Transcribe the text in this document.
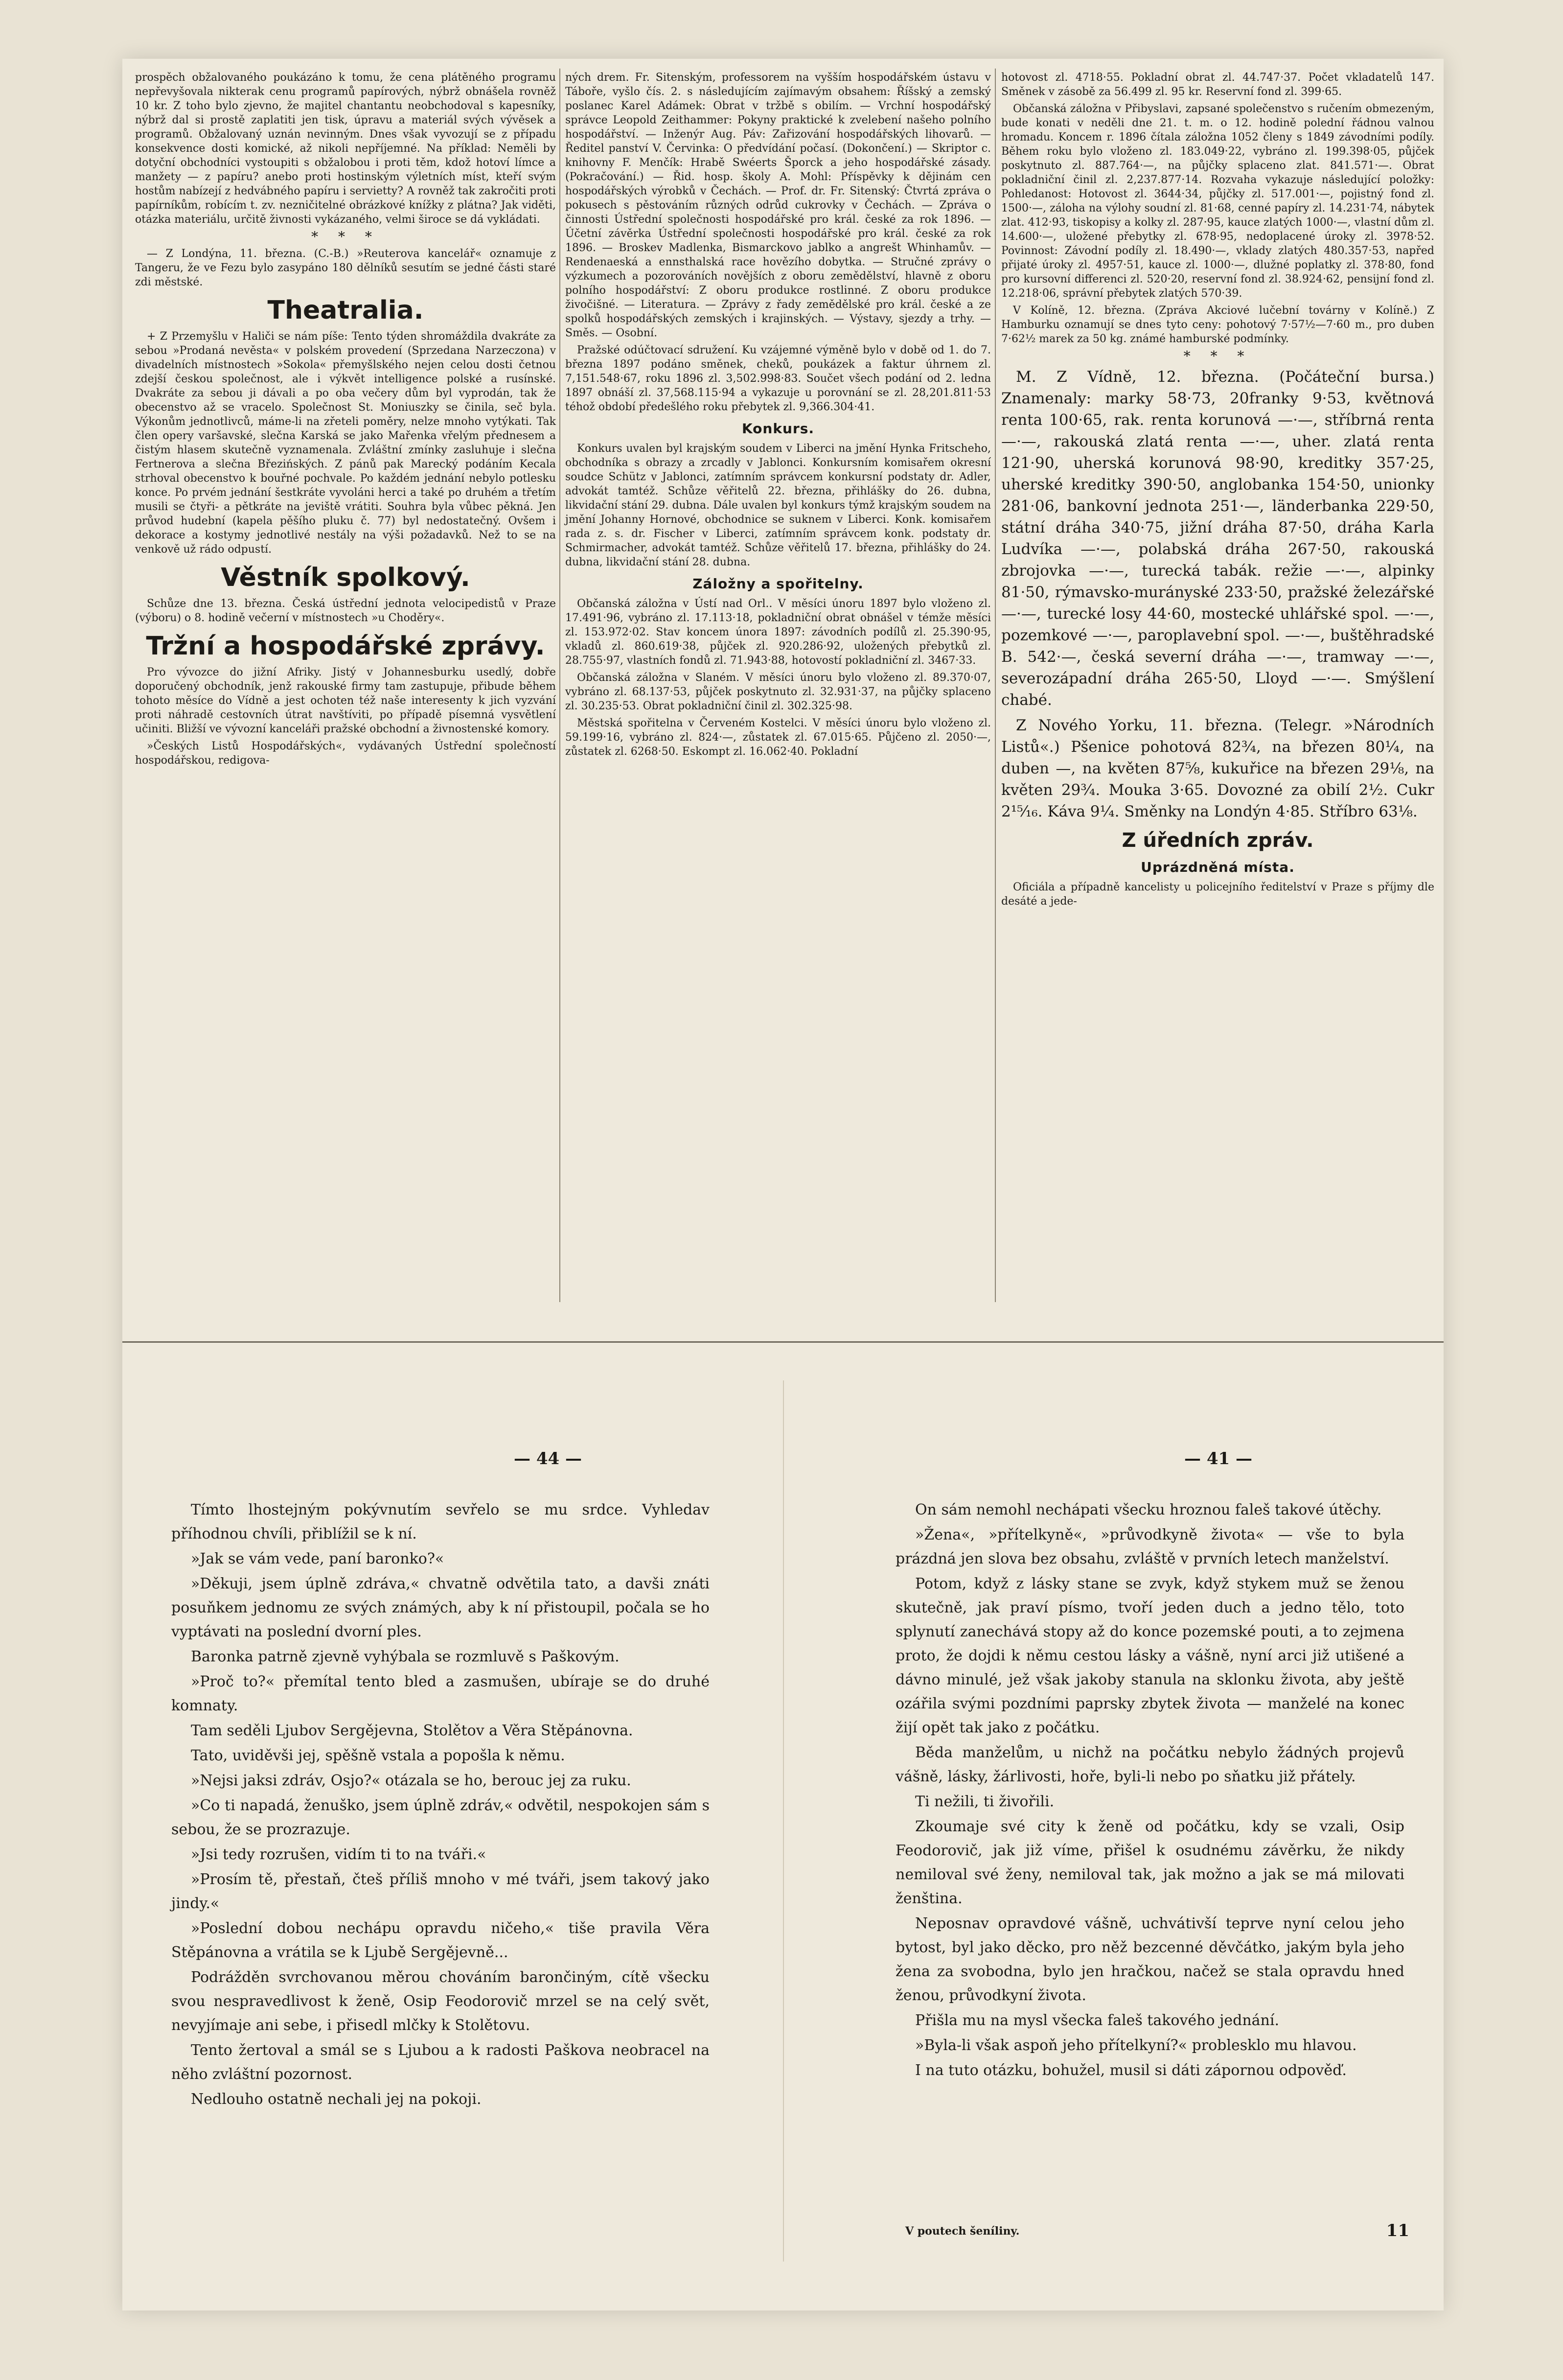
prospěch obžalovaného poukázáno k tomu, že cena plátěného programu nepřevyšovala nikterak cenu programů papírových, nýbrž obnášela rovněž 10 kr. Z toho bylo zjevno, že majitel chantantu neobchodoval s kapesníky, nýbrž dal si prostě zaplatiti jen tisk, úpravu a materiál svých vývěsek a programů. Obžalovaný uznán nevinným. Dnes však vyvozují se z případu konsekvence dosti komické, až nikoli nepříjemné. Na příklad: Neměli by dotyční obchodníci vystoupiti s obžalobou i proti těm, kdož hotoví límce a manžety — z papíru? anebo proti hostinským výletních míst, kteří svým hostům nabízejí z hedvábného papíru i servietty? A rovněž tak zakročiti proti papírníkům, robícím t. zv. nezničitelné obrázkové knížky z plátna? Jak viděti, otázka materiálu, určitě živnosti vykázaného, velmi široce se dá vykládati.

* * *

— Z Londýna, 11. března. (C.-B.) »Reuterova kancelář« oznamuje z Tangeru, že ve Fezu bylo zasypáno 180 dělníků sesutím se jedné části staré zdi městské.

Theatralia.

+ Z Przemyšlu v Haliči se nám píše: Tento týden shromáždila dvakráte za sebou »Prodaná nevěsta« v polském provedení (Sprzedana Narzeczona) v divadelních místnostech »Sokola« přemyšlského nejen celou dosti četnou zdejší českou společnost, ale i výkvět intelligence polské a rusínské. Dvakráte za sebou ji dávali a po oba večery dům byl vyprodán, tak že obecenstvo až se vracelo. Společnost St. Moniuszky se činila, seč byla. Výkonům jednotlivců, máme-li na zřeteli poměry, nelze mnoho vytýkati. Tak člen opery varšavské, slečna Karská se jako Mařenka vřelým přednesem a čistým hlasem skutečně vyznamenala. Zvláštní zmínky zasluhuje i slečna Fertnerova a slečna Březińských. Z pánů pak Marecký podáním Kecala strhoval obecenstvo k bouřné pochvale. Po každém jednání nebylo potlesku konce. Po prvém jednání šestkráte vyvoláni herci a také po druhém a třetím musili se čtyři- a pětkráte na jeviště vrátiti. Souhra byla vůbec pěkná. Jen průvod hudební (kapela pěšího pluku č. 77) byl nedostatečný. Ovšem i dekorace a kostymy jednotlivé nestály na výši požadavků. Než to se na venkově už rádo odpustí.

Věstník spolkový.

Schůze dne 13. března. Česká ústřední jednota velocipedistů v Praze (výboru) o 8. hodině večerní v místnostech »u Choděry«.

Tržní a hospodářské zprávy.

Pro vývozce do jižní Afriky. Jistý v Johannesburku usedlý, dobře doporučený obchodník, jenž rakouské firmy tam zastupuje, přibude během tohoto měsíce do Vídně a jest ochoten též naše interesenty k jich vyzvání proti náhradě cestovních útrat navštíviti, po případě písemná vysvětlení učiniti. Bližší ve vývozní kanceláři pražské obchodní a živnostenské komory.

»Českých Listů Hospodářských«, vydávaných Ústřední společností hospodářskou, redigova-

ných drem. Fr. Sitenským, professorem na vyšším hospodářském ústavu v Táboře, vyšlo čís. 2. s následujícím zajímavým obsahem: Říšský a zemský poslanec Karel Adámek: Obrat v tržbě s obilím. — Vrchní hospodářský správce Leopold Zeithammer: Pokyny praktické k zvelebení našeho polního hospodářství. — Inženýr Aug. Páv: Zařizování hospodářských lihovarů. — Ředitel panství V. Červinka: O předvídání počasí. (Dokončení.) — Skriptor c. knihovny F. Menčík: Hrabě Swéerts Šporck a jeho hospodářské zásady. (Pokračování.) — Řid. hosp. školy A. Mohl: Příspěvky k dějinám cen hospodářských výrobků v Čechách. — Prof. dr. Fr. Sitenský: Čtvrtá zpráva o pokusech s pěstováním různých odrůd cukrovky v Čechách. — Zpráva o činnosti Ústřední společnosti hospodářské pro král. české za rok 1896. — Účetní závěrka Ústřední společnosti hospodářské pro král. české za rok 1896. — Broskev Madlenka, Bismarckovo jablko a angrešt Whinhamův. — Rendenaeská a ennsthalská race hovězího dobytka. — Stručné zprávy o výzkumech a pozorováních novějších z oboru zemědělství, hlavně z oboru polního hospodářství: Z oboru produkce rostlinné. Z oboru produkce živočišné. — Literatura. — Zprávy z řady zemědělské pro král. české a ze spolků hospodářských zemských i krajinských. — Výstavy, sjezdy a trhy. — Směs. — Osobní.

Pražské odúčtovací sdružení. Ku vzájemné výměně bylo v době od 1. do 7. března 1897 podáno směnek, cheků, poukázek a faktur úhrnem zl. 7,151.548·67, roku 1896 zl. 3,502.998·83. Součet všech podání od 2. ledna 1897 obnáší zl. 37,568.115·94 a vykazuje u porovnání se zl. 28,201.811·53 téhož období předešlého roku přebytek zl. 9,366.304·41.

Konkurs.

Konkurs uvalen byl krajským soudem v Liberci na jmění Hynka Fritscheho, obchodníka s obrazy a zrcadly v Jablonci. Konkursním komisařem okresní soudce Schütz v Jablonci, zatímním správcem konkursní podstaty dr. Adler, advokát tamtéž. Schůze věřitelů 22. března, přihlášky do 26. dubna, likvidační stání 29. dubna. Dále uvalen byl konkurs týmž krajským soudem na jmění Johanny Hornové, obchodnice se suknem v Liberci. Konk. komisařem rada z. s. dr. Fischer v Liberci, zatímním správcem konk. podstaty dr. Schmirmacher, advokát tamtéž. Schůze věřitelů 17. března, přihlášky do 24. dubna, likvidační stání 28. dubna.

Záložny a spořitelny.

Občanská záložna v Ústí nad Orl.. V měsíci únoru 1897 bylo vloženo zl. 17.491·96, vybráno zl. 17.113·18, pokladniční obrat obnášel v témže měsíci zl. 153.972·02. Stav koncem února 1897: závodních podílů zl. 25.390·95, vkladů zl. 860.619·38, půjček zl. 920.286·92, uložených přebytků zl. 28.755·97, vlastních fondů zl. 71.943·88, hotovostí pokladniční zl. 3467·33.

Občanská záložna v Slaném. V měsíci únoru bylo vloženo zl. 89.370·07, vybráno zl. 68.137·53, půjček poskytnuto zl. 32.931·37, na půjčky splaceno zl. 30.235·53. Obrat pokladniční činil zl. 302.325·98.

Městská spořitelna v Červeném Kostelci. V měsíci únoru bylo vloženo zl. 59.199·16, vybráno zl. 824·—, zůstatek zl. 67.015·65. Půjčeno zl. 2050·—, zůstatek zl. 6268·50. Eskompt zl. 16.062·40. Pokladní

hotovost zl. 4718·55. Pokladní obrat zl. 44.747·37. Počet vkladatelů 147. Směnek v zásobě za 56.499 zl. 95 kr. Reservní fond zl. 399·65.

Občanská záložna v Přibyslavi, zapsané společenstvo s ručením obmezeným, bude konati v neděli dne 21. t. m. o 12. hodině polední řádnou valnou hromadu. Koncem r. 1896 čítala záložna 1052 členy s 1849 závodními podíly. Během roku bylo vloženo zl. 183.049·22, vybráno zl. 199.398·05, půjček poskytnuto zl. 887.764·—, na půjčky splaceno zlat. 841.571·—. Obrat pokladniční činil zl. 2,237.877·14. Rozvaha vykazuje následující položky: Pohledanost: Hotovost zl. 3644·34, půjčky zl. 517.001·—, pojistný fond zl. 1500·—, záloha na výlohy soudní zl. 81·68, cenné papíry zl. 14.231·74, nábytek zlat. 412·93, tiskopisy a kolky zl. 287·95, kauce zlatých 1000·—, vlastní dům zl. 14.600·—, uložené přebytky zl. 678·95, nedoplacené úroky zl. 3978·52. Povinnost: Závodní podíly zl. 18.490·—, vklady zlatých 480.357·53, napřed přijaté úroky zl. 4957·51, kauce zl. 1000·—, dlužné poplatky zl. 378·80, fond pro kursovní differenci zl. 520·20, reservní fond zl. 38.924·62, pensijní fond zl. 12.218·06, správní přebytek zlatých 570·39.

V Kolíně, 12. března. (Zpráva Akciové lučební továrny v Kolíně.) Z Hamburku oznamují se dnes tyto ceny: pohotový 7·57½—7·60 m., pro duben 7·62½ marek za 50 kg. známé hamburské podmínky.

* * *

M. Z Vídně, 12. března. (Počáteční bursa.) Znamenaly: marky 58·73, 20franky 9·53, květnová renta 100·65, rak. renta korunová —·—, stříbrná renta —·—, rakouská zlatá renta —·—, uher. zlatá renta 121·90, uherská korunová 98·90, kreditky 357·25, uherské kreditky 390·50, anglobanka 154·50, unionky 281·06, bankovní jednota 251·—, länderbanka 229·50, státní dráha 340·75, jižní dráha 87·50, dráha Karla Ludvíka —·—, polabská dráha 267·50, rakouská zbrojovka —·—, turecká tabák. režie —·—, alpinky 81·50, rýmavsko-murányské 233·50, pražské železářské —·—, turecké losy 44·60, mostecké uhlářské spol. —·—, pozemkové —·—, paroplavební spol. —·—, buštěhradské B. 542·—, česká severní dráha —·—, tramway —·—, severozápadní dráha 265·50, Lloyd —·—. Smýšlení chabé.

Z Nového Yorku, 11. března. (Telegr. »Národních Listů«.) Pšenice pohotová 82¾, na březen 80¼, na duben —, na květen 87⅝, kukuřice na březen 29⅛, na květen 29¾. Mouka 3·65. Dovozné za obilí 2½. Cukr 2¹⁵⁄₁₆. Káva 9¼. Směnky na Londýn 4·85. Stříbro 63⅛.

Z úředních zpráv.
Uprázdněná místa.

Oficiála a případně kancelisty u policejního ředitelství v Praze s příjmy dle desáté a jede-

— 44 —	— 41 —

Tímto lhostejným pokývnutím sevřelo se mu srdce. Vyhledav příhodnou chvíli, přiblížil se k ní.

»Jak se vám vede, paní baronko?«

»Děkuji, jsem úplně zdráva,« chvatně odvětila tato, a davši znáti posuňkem jednomu ze svých známých, aby k ní přistoupil, počala se ho vyptávati na poslední dvorní ples.

Baronka patrně zjevně vyhýbala se rozmluvě s Paškovým.

»Proč to?« přemítal tento bled a zasmušen, ubíraje se do druhé komnaty.

Tam seděli Ljubov Sergějevna, Stolětov a Věra Stěpánovna.

Tato, uviděvši jej, spěšně vstala a popošla k němu.

»Nejsi jaksi zdráv, Osjo?« otázala se ho, berouc jej za ruku.

»Co ti napadá, ženuško, jsem úplně zdráv,« odvětil, nespokojen sám s sebou, že se prozrazuje.

»Jsi tedy rozrušen, vidím ti to na tváři.«

»Prosím tě, přestaň, čteš příliš mnoho v mé tváři, jsem takový jako jindy.«

»Poslední dobou nechápu opravdu ničeho,« tiše pravila Věra Stěpánovna a vrátila se k Ljubě Sergějevně...

Podrážděn svrchovanou měrou chováním barončiným, cítě všecku svou nespravedlivost k ženě, Osip Feodorovič mrzel se na celý svět, nevyjímaje ani sebe, i přisedl mlčky k Stolětovu.

Tento žertoval a smál se s Ljubou a k radosti Paškova neobracel na něho zvláštní pozornost.

Nedlouho ostatně nechali jej na pokoji.

On sám nemohl nechápati všecku hroznou faleš takové útěchy.

»Žena«, »přítelkyně«, »průvodkyně života« — vše to byla prázdná jen slova bez obsahu, zvláště v prvních letech manželství.

Potom, když z lásky stane se zvyk, když stykem muž se ženou skutečně, jak praví písmo, tvoří jeden duch a jedno tělo, toto splynutí zanechává stopy až do konce pozemské pouti, a to zejmena proto, že dojdi k němu cestou lásky a vášně, nyní arci již utišené a dávno minulé, jež však jakoby stanula na sklonku života, aby ještě ozářila svými pozdními paprsky zbytek života — manželé na konec žijí opět tak jako z počátku.

Běda manželům, u nichž na počátku nebylo žádných projevů vášně, lásky, žárlivosti, hoře, byli-li nebo po sňatku již přátely.

Ti nežili, ti živořili.

Zkoumaje své city k ženě od počátku, kdy se vzali, Osip Feodorovič, jak již víme, přišel k osudnému závěrku, že nikdy nemiloval své ženy, nemiloval tak, jak možno a jak se má milovati ženština.

Neposnav opravdové vášně, uchvátivší teprve nyní celou jeho bytost, byl jako děcko, pro něž bezcenné děvčátko, jakým byla jeho žena za svobodna, bylo jen hračkou, načež se stala opravdu hned ženou, průvodkyní života.

Přišla mu na mysl všecka faleš takového jednání.

»Byla-li však aspoň jeho přítelkyní?« problesklo mu hlavou.

I na tuto otázku, bohužel, musil si dáti zápornou odpověď.

V poutech šeníliny.	11
